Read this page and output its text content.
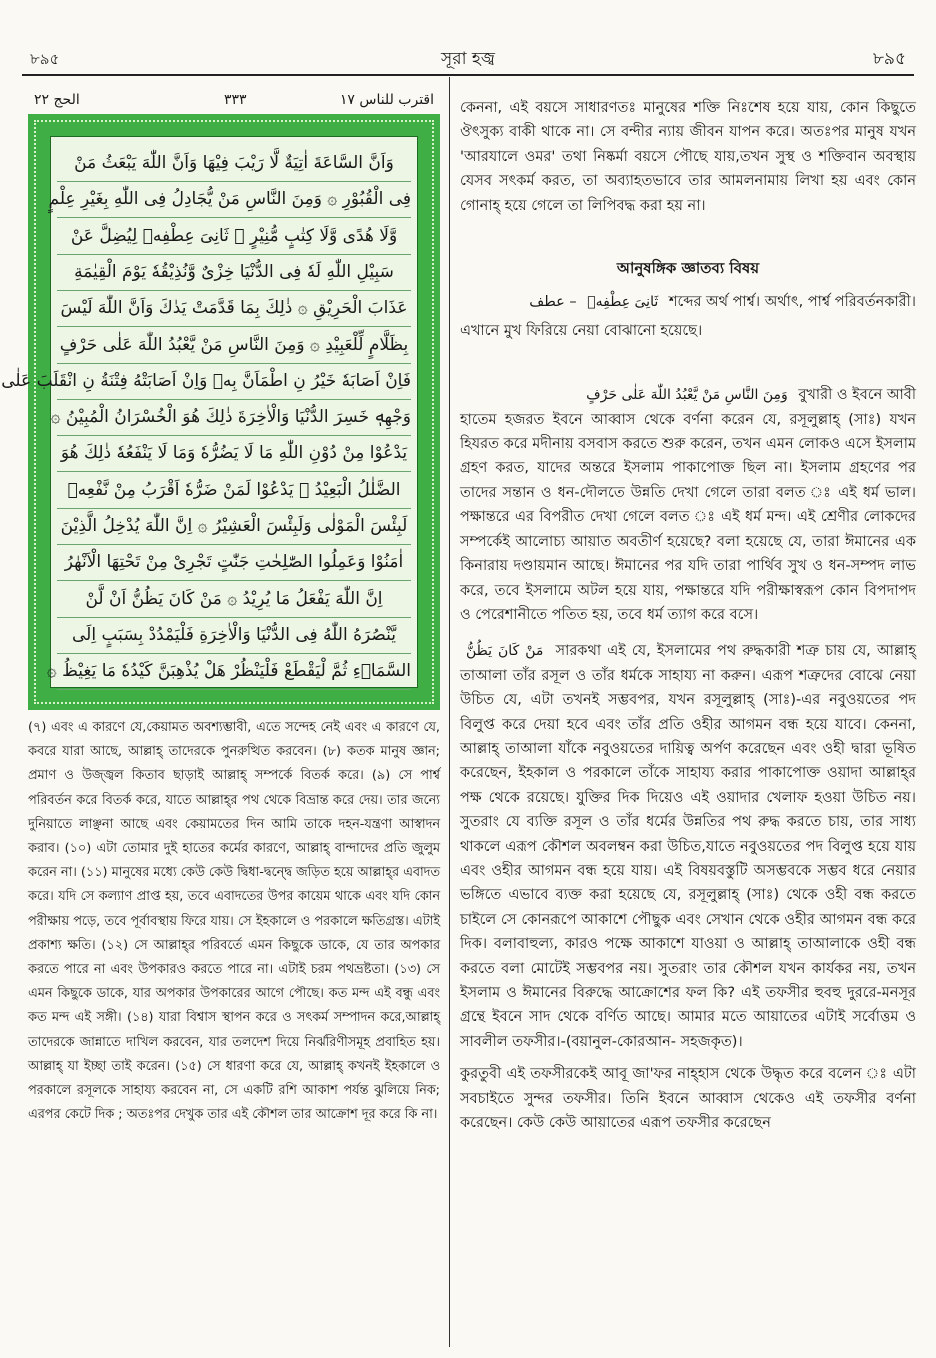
৮৯৫	সূরা হজ্ব	৮৯৫
الحج ٢٢	٣٣٣	اقترب للناس ١٧
وَاَنَّ السَّاعَةَ اٰتِيَةٌ لَّا رَيْبَ فِيْهَا وَاَنَّ اللّٰهَ يَبْعَثُ مَنْ
فِى الْقُبُوْرِ ۞ وَمِنَ النَّاسِ مَنْ يُّجَادِلُ فِى اللّٰهِ بِغَيْرِ عِلْمٍ
وَّلَا هُدًى وَّلَا كِتٰبٍ مُّنِيْرٍ ۞ ثَانِىَ عِطْفِهٖ لِيُضِلَّ عَنْ
سَبِيْلِ اللّٰهِ لَهٗ فِى الدُّنْيَا خِزْىٌ وَّنُذِيْقُهٗ يَوْمَ الْقِيٰمَةِ
عَذَابَ الْحَرِيْقِ ۞ ذٰلِكَ بِمَا قَدَّمَتْ يَدٰكَ وَاَنَّ اللّٰهَ لَيْسَ
بِظَلَّامٍ لِّلْعَبِيْدِ ۞ وَمِنَ النَّاسِ مَنْ يَّعْبُدُ اللّٰهَ عَلٰى حَرْفٍ
فَاِنْ اَصَابَهٗ خَيْرُ نِ اطْمَاَنَّ بِهٖ وَاِنْ اَصَابَتْهُ فِتْنَةُ نِ انْقَلَبَ عَلٰى
وَجْهِهٖ خَسِرَ الدُّنْيَا وَالْاٰخِرَةَ ذٰلِكَ هُوَ الْخُسْرَانُ الْمُبِيْنُ ۞
يَدْعُوْا مِنْ دُوْنِ اللّٰهِ مَا لَا يَضُرُّهٗ وَمَا لَا يَنْفَعُهٗ ذٰلِكَ هُوَ
الضَّلٰلُ الْبَعِيْدُ ۞ يَدْعُوْا لَمَنْ ضَرُّهٗ اَقْرَبُ مِنْ نَّفْعِهٖ
لَبِئْسَ الْمَوْلٰى وَلَبِئْسَ الْعَشِيْرُ ۞ اِنَّ اللّٰهَ يُدْخِلُ الَّذِيْنَ
اٰمَنُوْا وَعَمِلُوا الصّٰلِحٰتِ جَنّٰتٍ تَجْرِىْ مِنْ تَحْتِهَا الْاَنْهٰرُ
اِنَّ اللّٰهَ يَفْعَلُ مَا يُرِيْدُ ۞ مَنْ كَانَ يَظُنُّ اَنْ لَّنْ
يَّنْصُرَهُ اللّٰهُ فِى الدُّنْيَا وَالْاٰخِرَةِ فَلْيَمْدُدْ بِسَبَبٍ اِلَى
السَّمَاۤءِ ثُمَّ لْيَقْطَعْ فَلْيَنْظُرْ هَلْ يُذْهِبَنَّ كَيْدُهٗ مَا يَغِيْظُ ۞
(৭) এবং এ কারণে যে,কেয়ামত অবশ্যম্ভাবী, এতে সন্দেহ নেই এবং এ কারণে যে, কবরে যারা আছে, আল্লাহ্ তাদেরকে পুনরুত্থিত করবেন। (৮) কতক মানুষ জ্ঞান; প্রমাণ ও উজ্জ্বল কিতাব ছাড়াই আল্লাহ্ সম্পর্কে বিতর্ক করে। (৯) সে পার্শ্ব পরিবর্তন করে বিতর্ক করে, যাতে আল্লাহ্‌র পথ থেকে বিভ্রান্ত করে দেয়। তার জন্যে দুনিয়াতে লাঞ্ছনা আছে এবং কেয়ামতের দিন আমি তাকে দহন-যন্ত্রণা আস্বাদন করাব। (১০) এটা তোমার দুই হাতের কর্মের কারণে, আল্লাহ্ বান্দাদের প্রতি জুলুম করেন না। (১১) মানুষের মধ্যে কেউ কেউ দ্বিধা-দ্বন্দ্বে জড়িত হয়ে আল্লাহ্‌র এবাদত করে। যদি সে কল্যাণ প্রাপ্ত হয়, তবে এবাদতের উপর কায়েম থাকে এবং যদি কোন পরীক্ষায় পড়ে, তবে পূর্বাবস্থায় ফিরে যায়। সে ইহকালে ও পরকালে ক্ষতিগ্রস্ত। এটাই প্রকাশ্য ক্ষতি। (১২) সে আল্লাহ্‌র পরিবর্তে এমন কিছুকে ডাকে, যে তার অপকার করতে পারে না এবং উপকারও করতে পারে না। এটাই চরম পথভ্রষ্টতা। (১৩) সে এমন কিছুকে ডাকে, যার অপকার উপকারের আগে পৌছে। কত মন্দ এই বন্ধু এবং কত মন্দ এই সঙ্গী। (১৪) যারা বিশ্বাস স্থাপন করে ও সৎকর্ম সম্পাদন করে,আল্লাহ্ তাদেরকে জান্নাতে দাখিল করবেন, যার তলদেশ দিয়ে নির্ঝরিণীসমূহ প্রবাহিত হয়। আল্লাহ্ যা ইচ্ছা তাই করেন। (১৫) সে ধারণা করে যে, আল্লাহ্ কখনই ইহকালে ও পরকালে রসূলকে সাহায্য করবেন না, সে একটি রশি আকাশ পর্যন্ত ঝুলিয়ে নিক; এরপর কেটে দিক ; অতঃপর দেখুক তার এই কৌশল তার আক্রোশ দূর করে কি না।

কেননা, এই বয়সে সাধারণতঃ মানুষের শক্তি নিঃশেষ হয়ে যায়, কোন কিছুতে ঔৎসুক্য বাকী থাকে না। সে বন্দীর ন্যায় জীবন যাপন করে। অতঃপর মানুষ যখন 'আরযালে ওমর' তথা নিষ্কর্মা বয়সে পৌছে যায়,তখন সুস্থ ও শক্তিবান অবস্থায় যেসব সৎকর্ম করত, তা অব্যাহতভাবে তার আমলনামায় লিখা হয় এবং কোন গোনাহ্ হয়ে গেলে তা লিপিবদ্ধ করা হয় না।

আনুষঙ্গিক জ্ঞাতব্য বিষয়

ثَانِىَ عِطْفِهٖ – عطف শব্দের অর্থ পার্শ্ব। অর্থাৎ, পার্শ্ব পরিবর্তনকারী।

এখানে মুখ ফিরিয়ে নেয়া বোঝানো হয়েছে।

وَمِنَ النَّاسِ مَنْ يَّعْبُدُ اللّٰهَ عَلٰى حَرْفٍ বুখারী ও ইবনে আবী

হাতেম হজরত ইবনে আব্বাস থেকে বর্ণনা করেন যে, রসূলুল্লাহ্ (সাঃ) যখন হিযরত করে মদীনায় বসবাস করতে শুরু করেন, তখন এমন লোকও এসে ইসলাম গ্রহণ করত, যাদের অন্তরে ইসলাম পাকাপোক্ত ছিল না। ইসলাম গ্রহণের পর তাদের সন্তান ও ধন-দৌলতে উন্নতি দেখা গেলে তারা বলত ঃ এই ধর্ম ভাল। পক্ষান্তরে এর বিপরীত দেখা গেলে বলত ঃ এই ধর্ম মন্দ। এই শ্রেণীর লোকদের সম্পর্কেই আলোচ্য আয়াত অবতীর্ণ হয়েছে? বলা হয়েছে যে, তারা ঈমানের এক কিনারায় দণ্ডায়মান আছে। ঈমানের পর যদি তারা পার্থিব সুখ ও ধন-সম্পদ লাভ করে, তবে ইসলামে অটল হয়ে যায়, পক্ষান্তরে যদি পরীক্ষাস্বরূপ কোন বিপদাপদ ও পেরেশানীতে পতিত হয়, তবে ধর্ম ত্যাগ করে বসে।

مَنْ كَانَ يَظُنُّ সারকথা এই যে, ইসলামের পথ রুদ্ধকারী শত্রু চায় যে, আল্লাহ্ তাআলা তাঁর রসূল ও তাঁর ধর্মকে সাহায্য না করুন। এরূপ শত্রুদের বোঝে নেয়া উচিত যে, এটা তখনই সম্ভবপর, যখন রসূলুল্লাহ্ (সাঃ)-এর নবুওয়তের পদ বিলুপ্ত করে দেয়া হবে এবং তাঁর প্রতি ওহীর আগমন বন্ধ হয়ে যাবে। কেননা, আল্লাহ্ তাআলা যাঁকে নবুওয়তের দায়িত্ব অর্পণ করেছেন এবং ওহী দ্বারা ভূষিত করেছেন, ইহকাল ও পরকালে তাঁকে সাহায্য করার পাকাপোক্ত ওয়াদা আল্লাহ্‌র পক্ষ থেকে রয়েছে। যুক্তির দিক দিয়েও এই ওয়াদার খেলাফ হওয়া উচিত নয়। সুতরাং যে ব্যক্তি রসূল ও তাঁর ধর্মের উন্নতির পথ রুদ্ধ করতে চায়, তার সাধ্য থাকলে এরূপ কৌশল অবলম্বন করা উচিত,যাতে নবুওয়তের পদ বিলুপ্ত হয়ে যায় এবং ওহীর আগমন বন্ধ হয়ে যায়। এই বিষয়বস্তুটি অসম্ভবকে সম্ভব ধরে নেয়ার ভঙ্গিতে এভাবে ব্যক্ত করা হয়েছে যে, রসূলুল্লাহ্ (সাঃ) থেকে ওহী বন্ধ করতে চাইলে সে কোনরূপে আকাশে পৌছুক এবং সেখান থেকে ওহীর আগমন বন্ধ করে দিক। বলাবাহুল্য, কারও পক্ষে আকাশে যাওয়া ও আল্লাহ্ তাআলাকে ওহী বন্ধ করতে বলা মোটেই সম্ভবপর নয়। সুতরাং তার কৌশল যখন কার্যকর নয়, তখন ইসলাম ও ঈমানের বিরুদ্ধে আক্রোশের ফল কি? এই তফসীর হুবহু দুররে-মনসূর গ্রন্থে ইবনে সাদ থেকে বর্ণিত আছে। আমার মতে আয়াতের এটাই সর্বোত্তম ও সাবলীল তফসীর।-(বয়ানুল-কোরআন- সহজকৃত)।

কুরতুবী এই তফসীরকেই আবূ জা'ফর নাহ্‌হাস থেকে উদ্ধৃত করে বলেন ঃ এটা সবচাইতে সুন্দর তফসীর। তিনি ইবনে আব্বাস থেকেও এই তফসীর বর্ণনা করেছেন। কেউ কেউ আয়াতের এরূপ তফসীর করেছেন
